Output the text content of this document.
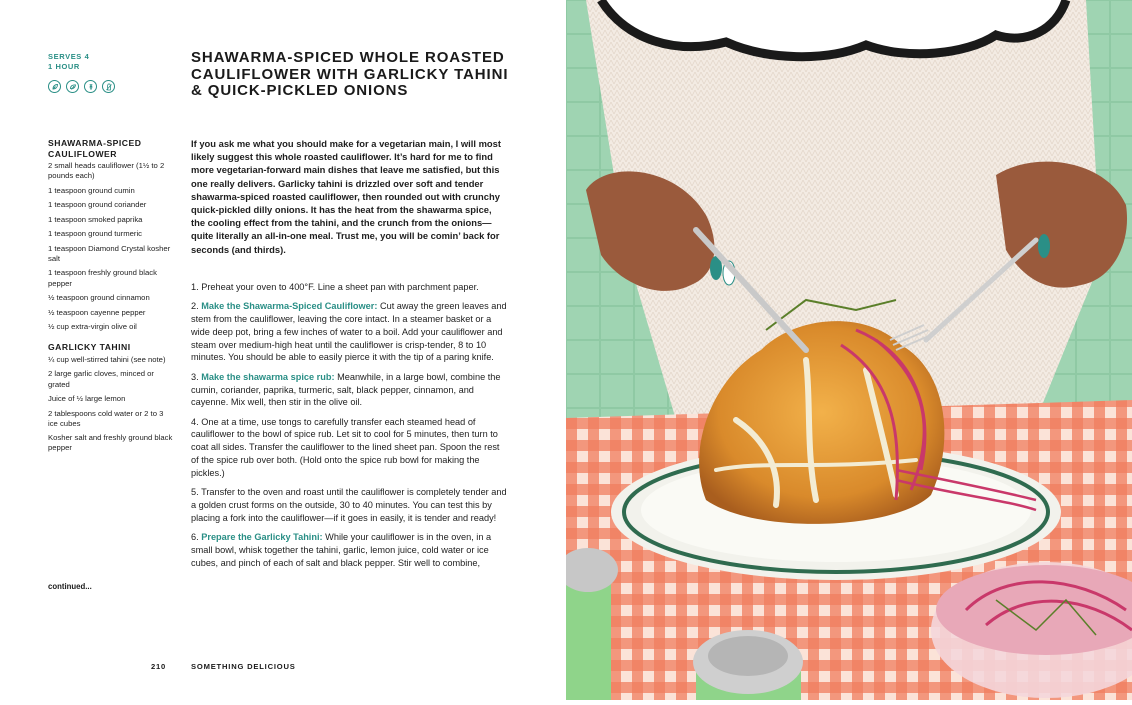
SERVES 4
1 HOUR	SHAWARMA-SPICED WHOLE ROASTED CAULIFLOWER WITH GARLICKY TAHINI & QUICK-PICKLED ONIONS
SHAWARMA-SPICED CAULIFLOWER
2 small heads cauliflower (1½ to 2 pounds each)
1 teaspoon ground cumin
1 teaspoon ground coriander
1 teaspoon smoked paprika
1 teaspoon ground turmeric
1 teaspoon Diamond Crystal kosher salt
1 teaspoon freshly ground black pepper
½ teaspoon ground cinnamon
½ teaspoon cayenne pepper
½ cup extra-virgin olive oil
GARLICKY TAHINI
¼ cup well-stirred tahini (see note)
2 large garlic cloves, minced or grated
Juice of ½ large lemon
2 tablespoons cold water or 2 to 3 ice cubes
Kosher salt and freshly ground black pepper
continued...

If you ask me what you should make for a vegetarian main, I will most likely suggest this whole roasted cauliflower. It’s hard for me to find more vegetarian-forward main dishes that leave me satisfied, but this one really delivers. Garlicky tahini is drizzled over soft and tender shawarma-spiced roasted cauliflower, then rounded out with crunchy quick-pickled dilly onions. It has the heat from the shawarma spice, the cooling effect from the tahini, and the crunch from the onions—quite literally an all-in-one meal. Trust me, you will be comin’ back for seconds (and thirds).

1. Preheat your oven to 400°F. Line a sheet pan with parchment paper.
2. Make the Shawarma-Spiced Cauliflower: Cut away the green leaves and stem from the cauliflower, leaving the core intact. In a steamer basket or a wide deep pot, bring a few inches of water to a boil. Add your cauliflower and steam over medium-high heat until the cauliflower is crisp-tender, 8 to 10 minutes. You should be able to easily pierce it with the tip of a paring knife.
3. Make the shawarma spice rub: Meanwhile, in a large bowl, combine the cumin, coriander, paprika, turmeric, salt, black pepper, cinnamon, and cayenne. Mix well, then stir in the olive oil.
4. One at a time, use tongs to carefully transfer each steamed head of cauliflower to the bowl of spice rub. Let sit to cool for 5 minutes, then turn to coat all sides. Transfer the cauliflower to the lined sheet pan. Spoon the rest of the spice rub over both. (Hold onto the spice rub bowl for making the pickles.)
5. Transfer to the oven and roast until the cauliflower is completely tender and a golden crust forms on the outside, 30 to 40 minutes. You can test this by placing a fork into the cauliflower—if it goes in easily, it is tender and ready!
6. Prepare the Garlicky Tahini: While your cauliflower is in the oven, in a small bowl, whisk together the tahini, garlic, lemon juice, cold water or ice cubes, and pinch of each of salt and black pepper. Stir well to combine,
210	SOMETHING DELICIOUS
